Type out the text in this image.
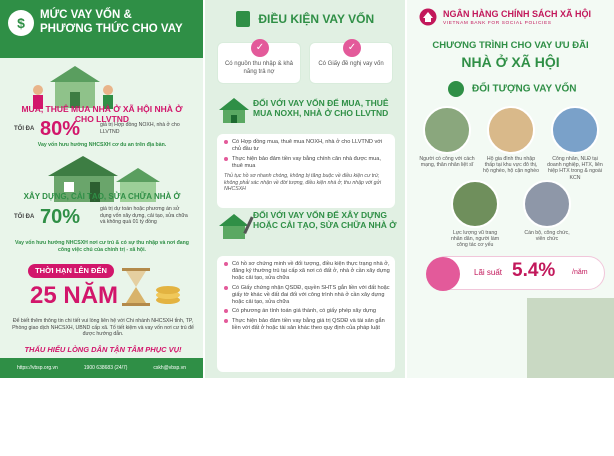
$	MỨC VAY VỐN &
PHƯƠNG THỨC CHO VAY
MUA, THUÊ MUA NHÀ Ở XÃ HỘI NHÀ Ở CHO LLVTND
TỐI ĐA 80%	giá trị Hợp đồng NOXH, nhà ở cho LLVTND
Vay vốn hưu hưởng NHCSXH cơ du an trên địa bàn.
XÂY DỰNG, CẢI TẠO, SỬA CHỮA NHÀ Ở
TỐI ĐA 70%	giá trị dự toán hoặc phương án sử dụng vốn xây dựng, cải tạo, sửa chữa và không quá 01 tỷ đồng
Vay vốn hưu hưởng NHCSXH nơi cư trú & có sự thu nhập và nơi đang công việc chủ của chính trị - xã hội.
THỜI HẠN LÊN ĐẾN
25 NĂM
Để biết thêm thông tin chi tiết vui lòng liên hệ với Chi nhánh NHCSXH tỉnh, TP, Phòng giao dịch NHCSXH, UBND cấp xã. Tổ tiết kiệm và vay vốn nơi cư trú để được hướng dẫn.
THẤU HIỂU LÒNG DÂN TẬN TÂM PHỤC VỤ!
https://vbsp.org.vn	1900 638683 (24/7)	cskh@vbsp.vn
ĐIỀU KIỆN VAY VỐN
✓
Có nguồn thu nhập & khả năng trả nợ
✓
Có Giấy đề nghị vay vốn
ĐỐI VỚI VAY VỐN ĐỂ MUA, THUÊ MUA NOXH, NHÀ Ở CHO LLVTND
Có Hợp đồng mua, thuê mua NOXH, nhà ở cho LLVTND với chủ đầu tư
Thực hiện bảo đảm tiền vay bằng chính căn nhà được mua, thuê mua
Thủ tục hồ sơ nhanh chóng, không bị tăng buộc về điều kiện cư trú; không phải xác nhận về đời tượng, điều kiện nhà ở; thu nhập với gửi NHCSXH
ĐỐI VỚI VAY VỐN ĐỂ XÂY DỰNG HOẶC CẢI TẠO, SỬA CHỮA NHÀ Ở
Có hồ sơ chứng minh về đối tượng, điều kiện thực trạng nhà ở, đăng ký thường trú tại cấp xã nơi có đất ở, nhà ở cần xây dựng hoặc cải tạo, sửa chữa
Có Giấy chứng nhận QSDĐ, quyền SHTS gắn liền với đất hoặc giấy tờ khác về đất đai đối với công trình nhà ở cần xây dựng hoặc cải tạo, sửa chữa
Có phương án tính toán giá thành, có giấy phép xây dựng
Thực hiện bảo đảm tiền vay bằng giá trị QSDĐ và tài sản gắn liền với đất ở hoặc tài sản khác theo quy định của pháp luật
NGÂN HÀNG CHÍNH SÁCH XÃ HỘI
VIETNAM BANK FOR SOCIAL POLICIES
CHƯƠNG TRÌNH CHO VAY ƯU ĐÃI
NHÀ Ở XÃ HỘI
ĐỐI TƯỢNG VAY VỐN
Người có công với cách mạng, thân nhân liệt sĩ
Hộ gia đình thu nhập thấp tại khu vực đô thị, hộ nghèo, hộ cận nghèo
Công nhân, NLĐ tại doanh nghiệp, HTX, liên hiệp HTX trong & ngoài KCN
Lực lượng vũ trang nhân dân, người làm công tác cơ yếu
Cán bộ, công chức, viên chức
Lãi suất 5.4% /năm
